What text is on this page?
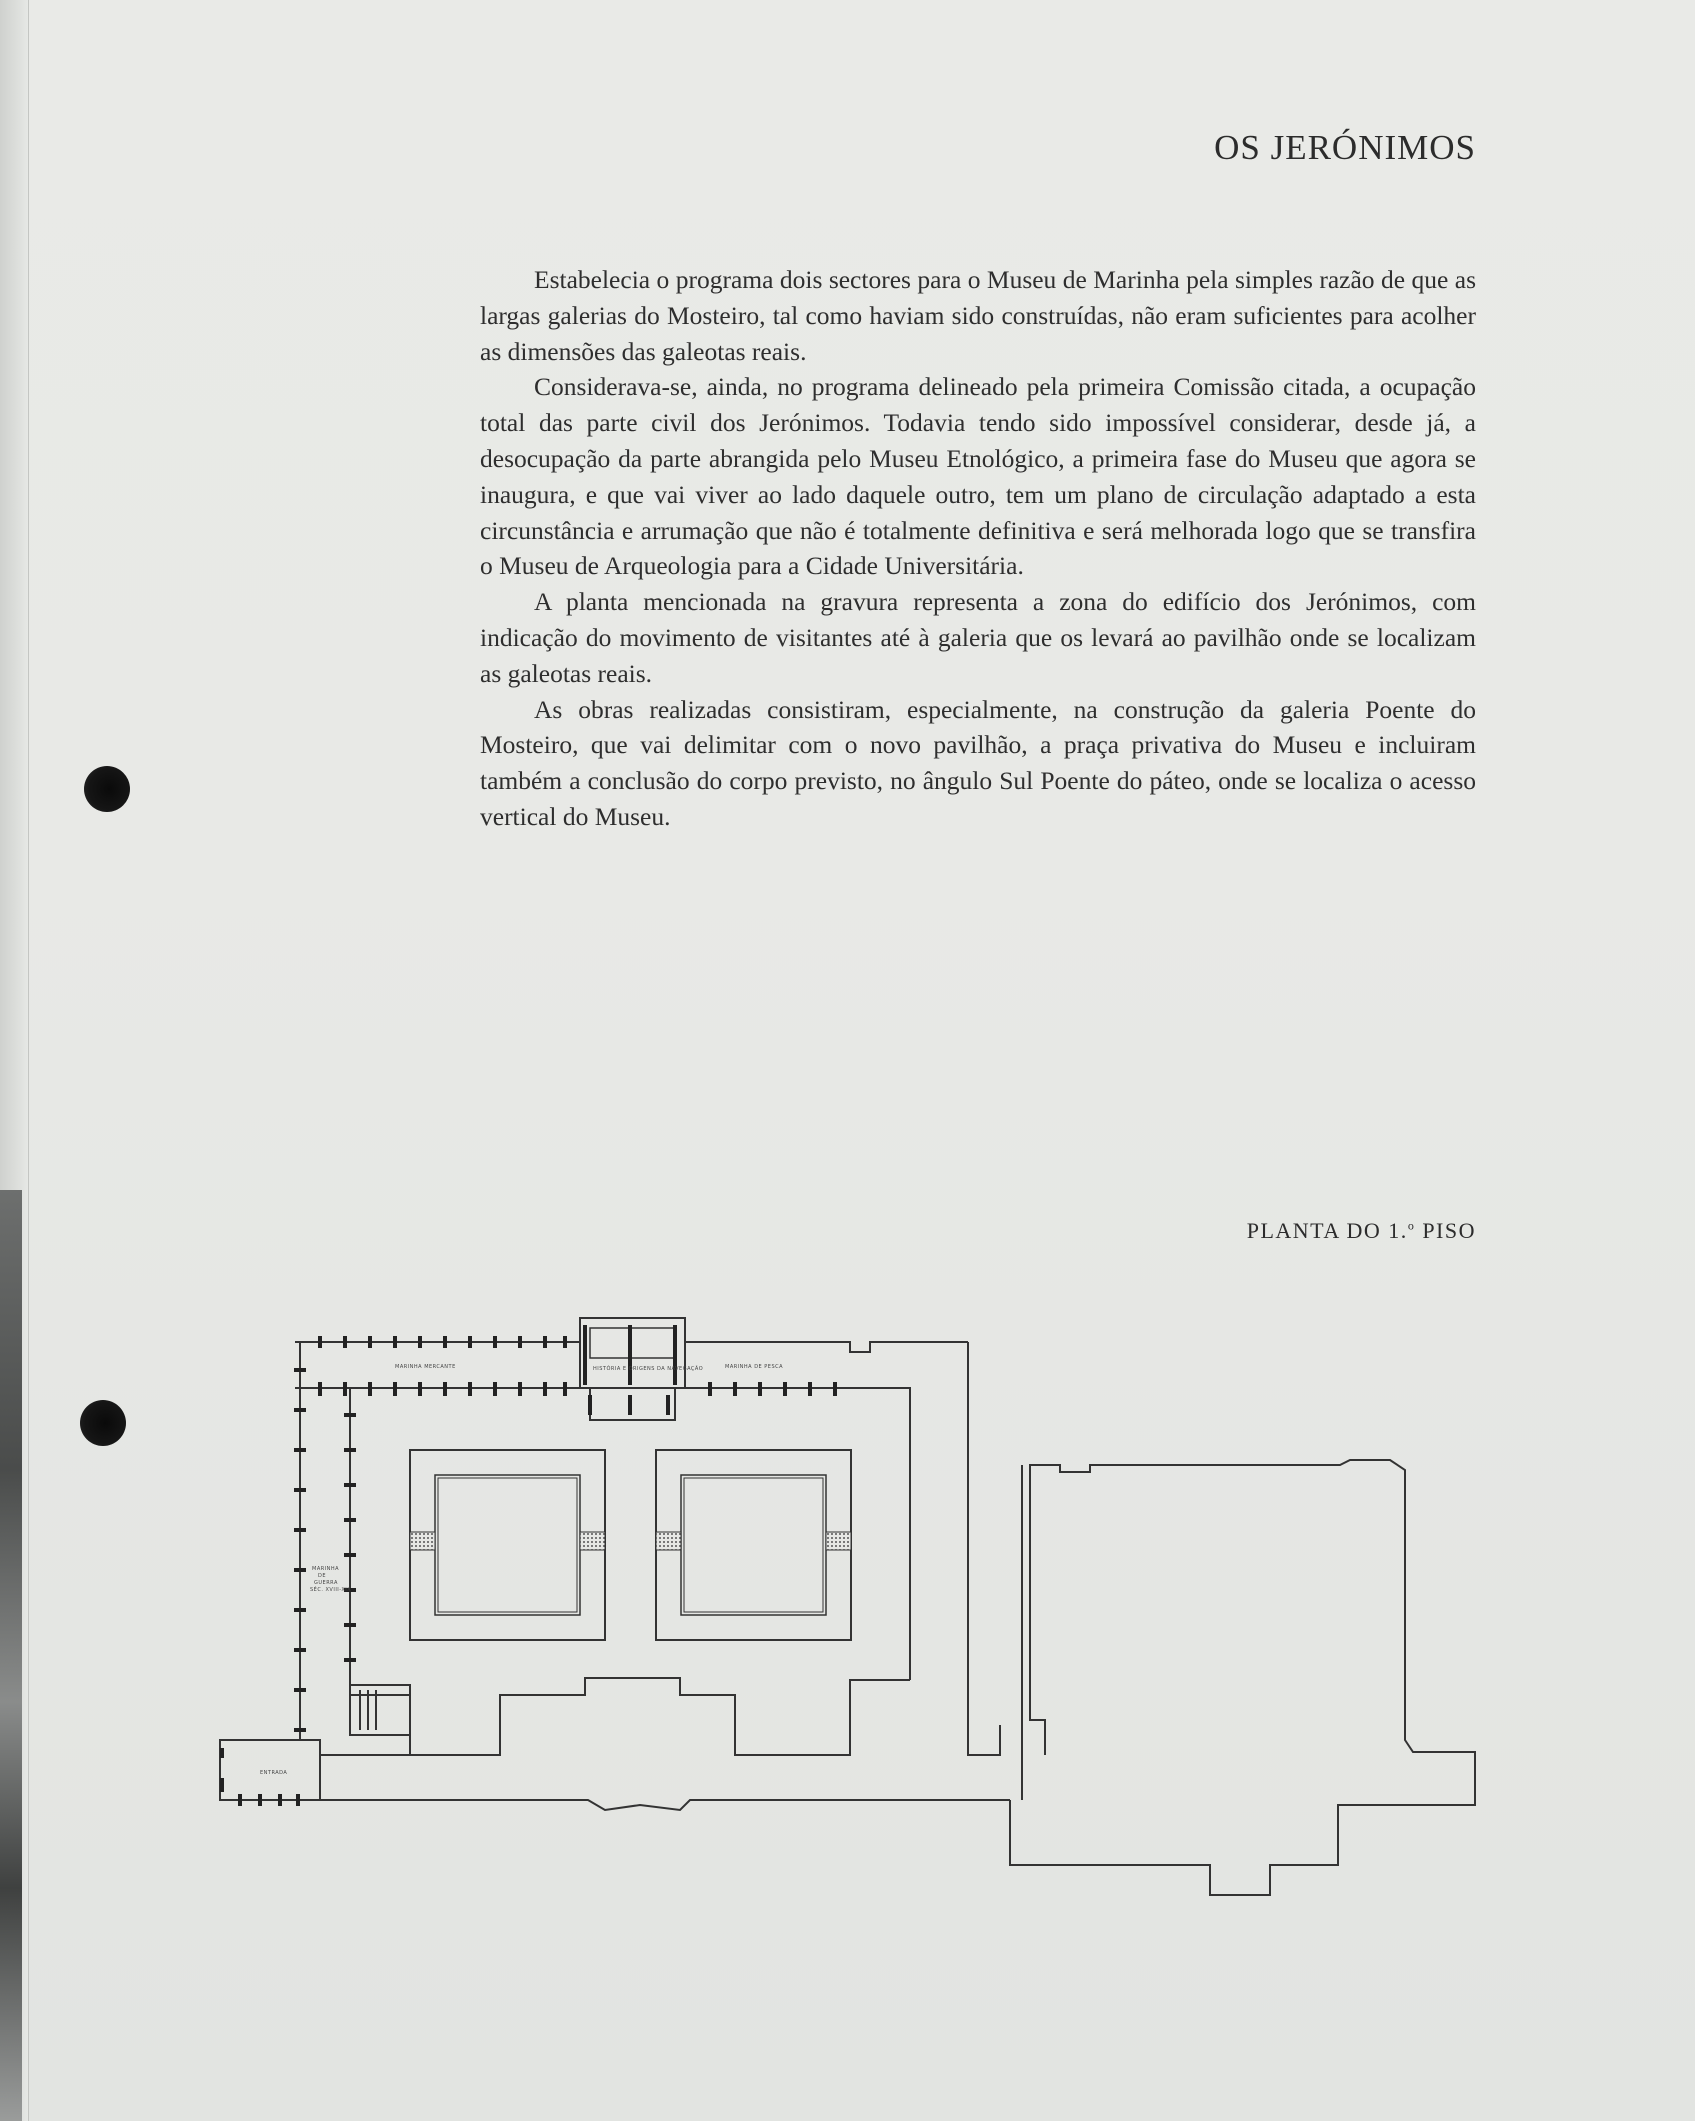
OS JERÓNIMOS

Estabelecia o programa dois sectores para o Museu de Marinha pela simples razão de que as largas galerias do Mosteiro, tal como haviam sido construídas, não eram suficientes para acolher as dimensões das galeotas reais.

Considerava-se, ainda, no programa delineado pela primeira Comissão citada, a ocupação total das parte civil dos Jerónimos. Todavia tendo sido impossível considerar, desde já, a desocupação da parte abrangida pelo Museu Etnológico, a primeira fase do Museu que agora se inaugura, e que vai viver ao lado daquele outro, tem um plano de circulação adaptado a esta circunstância e arrumação que não é totalmente definitiva e será melhorada logo que se transfira o Museu de Arqueologia para a Cidade Universitária.

A planta mencionada na gravura representa a zona do edifício dos Jerónimos, com indicação do movimento de visitantes até à galeria que os levará ao pavilhão onde se localizam as galeotas reais.

As obras realizadas consistiram, especialmente, na construção da galeria Poente do Mosteiro, que vai delimitar com o novo pavilhão, a praça privativa do Museu e incluiram também a conclusão do corpo previsto, no ângulo Sul Poente do páteo, onde se localiza o acesso vertical do Museu.

PLANTA DO 1.$^o$ PISO
MARINHA MERCANTE	MARINHA DE PESCA
HISTÓRIA E ORIGENS DA NAVEGAÇÃO
MARINHA
DE
GUERRA
SÉC. XVIII-XIX
ENTRADA
